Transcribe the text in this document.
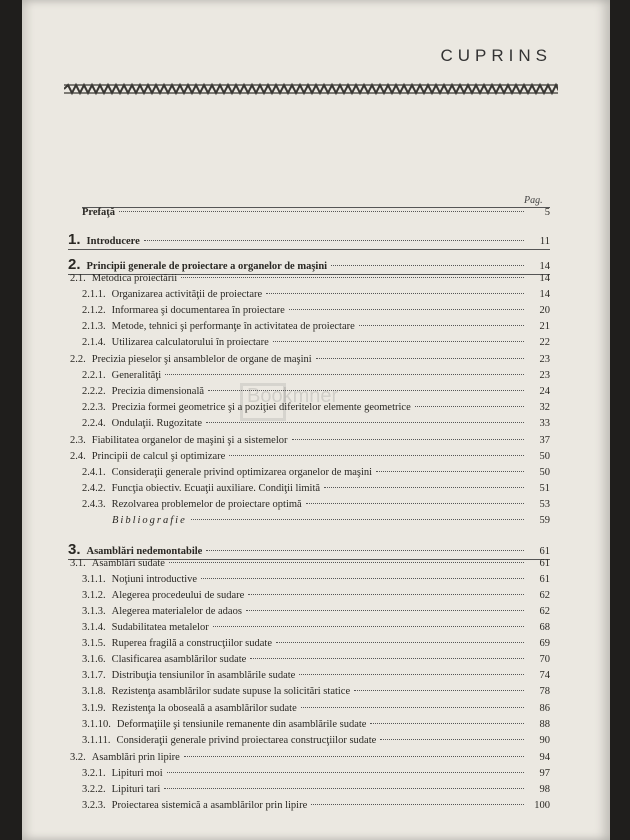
CUPRINS
Pag.
Bookmner
Prefaţă	5
1. Introducere	11
2. Principii generale de proiectare a organelor de maşini	14
2.1. Metodica proiectării	14
2.1.1. Organizarea activităţii de proiectare	14
2.1.2. Informarea şi documentarea în proiectare	20
2.1.3. Metode, tehnici şi performanţe în activitatea de proiectare	21
2.1.4. Utilizarea calculatorului în proiectare	22
2.2. Precizia pieselor şi ansamblelor de organe de maşini	23
2.2.1. Generalităţi	23
2.2.2. Precizia dimensională	24
2.2.3. Precizia formei geometrice şi a poziţiei diferitelor elemente geometrice	32
2.2.4. Ondulaţii. Rugozitate	33
2.3. Fiabilitatea organelor de maşini şi a sistemelor	37
2.4. Principii de calcul şi optimizare	50
2.4.1. Consideraţii generale privind optimizarea organelor de maşini	50
2.4.2. Funcţia obiectiv. Ecuaţii auxiliare. Condiţii limită	51
2.4.3. Rezolvarea problemelor de proiectare optimă	53
Bibliografie	59
3. Asamblări nedemontabile	61
3.1. Asamblări sudate	61
3.1.1. Noţiuni introductive	61
3.1.2. Alegerea procedeului de sudare	62
3.1.3. Alegerea materialelor de adaos	62
3.1.4. Sudabilitatea metalelor	68
3.1.5. Ruperea fragilă a construcţiilor sudate	69
3.1.6. Clasificarea asamblărilor sudate	70
3.1.7. Distribuţia tensiunilor în asamblările sudate	74
3.1.8. Rezistenţa asamblărilor sudate supuse la solicitări statice	78
3.1.9. Rezistenţa la oboseală a asamblărilor sudate	86
3.1.10. Deformaţiile şi tensiunile remanente din asamblările sudate	88
3.1.11. Consideraţii generale privind proiectarea construcţiilor sudate	90
3.2. Asamblări prin lipire	94
3.2.1. Lipituri moi	97
3.2.2. Lipituri tari	98
3.2.3. Proiectarea sistemică a asamblărilor prin lipire	100
